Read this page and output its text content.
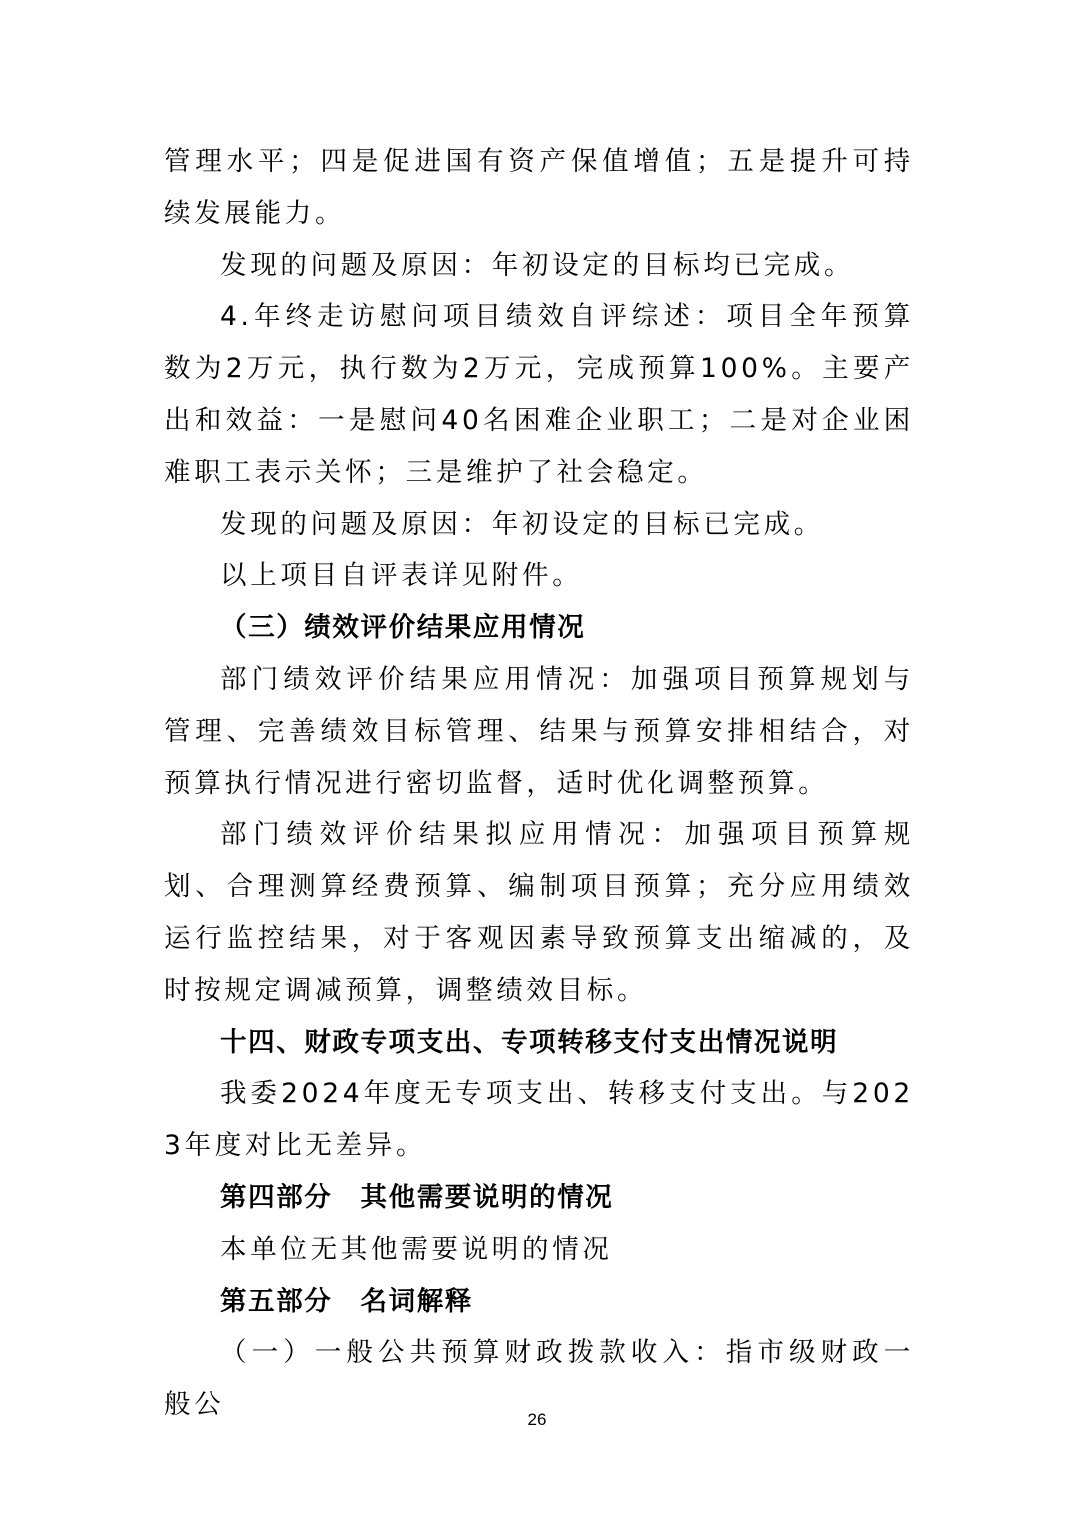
管理水平；四是促进国有资产保值增值；五是提升可持续发展能力。

发现的问题及原因：年初设定的目标均已完成。

4.年终走访慰问项目绩效自评综述：项目全年预算数为2万元，执行数为2万元，完成预算100%。主要产出和效益：一是慰问40名困难企业职工；二是对企业困难职工表示关怀；三是维护了社会稳定。

发现的问题及原因：年初设定的目标已完成。

以上项目自评表详见附件。

（三）绩效评价结果应用情况

部门绩效评价结果应用情况：加强项目预算规划与管理、完善绩效目标管理、结果与预算安排相结合，对预算执行情况进行密切监督，适时优化调整预算。

部门绩效评价结果拟应用情况：加强项目预算规划、合理测算经费预算、编制项目预算；充分应用绩效运行监控结果，对于客观因素导致预算支出缩减的，及时按规定调减预算，调整绩效目标。

十四、财政专项支出、专项转移支付支出情况说明

我委2024年度无专项支出、转移支付支出。与2023年度对比无差异。

第四部分　其他需要说明的情况

本单位无其他需要说明的情况

第五部分　名词解释

（一）一般公共预算财政拨款收入：指市级财政一般公	26
